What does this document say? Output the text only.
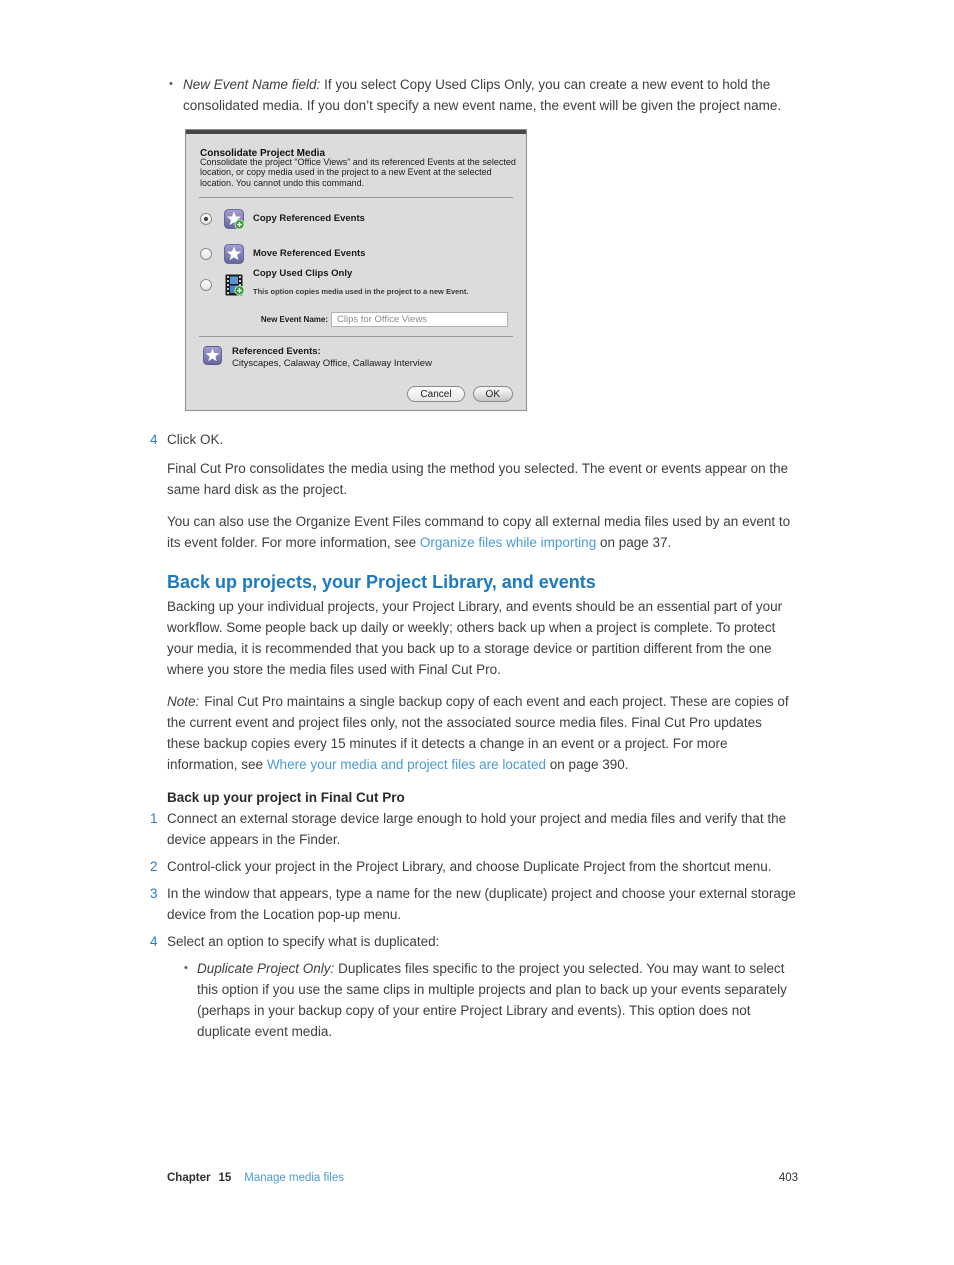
• New Event Name field: If you select Copy Used Clips Only, you can create a new event to hold the consolidated media. If you don’t specify a new event name, the event will be given the project name.
Consolidate Project Media
Consolidate the project “Office Views” and its referenced Events at the selected location, or copy media used in the project to a new Event at the selected location. You cannot undo this command.
Copy Referenced Events
Move Referenced Events
Copy Used Clips Only
This option copies media used in the project to a new Event.
New Event Name:
Clips for Office Views
Referenced Events:
Cityscapes, Calaway Office, Callaway Interview
Cancel	OK
4 Click OK.

Final Cut Pro consolidates the media using the method you selected. The event or events appear on the same hard disk as the project.

You can also use the Organize Event Files command to copy all external media files used by an event to its event folder. For more information, see Organize files while importing on page 37.

Back up projects, your Project Library, and events

Backing up your individual projects, your Project Library, and events should be an essential part of your workflow. Some people back up daily or weekly; others back up when a project is complete. To protect your media, it is recommended that you back up to a storage device or partition different from the one where you store the media files used with Final Cut Pro.

Note: Final Cut Pro maintains a single backup copy of each event and each project. These are copies of the current event and project files only, not the associated source media files. Final Cut Pro updates these backup copies every 15 minutes if it detects a change in an event or a project. For more information, see Where your media and project files are located on page 390.

Back up your project in Final Cut Pro
1 Connect an external storage device large enough to hold your project and media files and verify that the device appears in the Finder.
2 Control-click your project in the Project Library, and choose Duplicate Project from the shortcut menu.
3 In the window that appears, type a name for the new (duplicate) project and choose your external storage device from the Location pop-up menu.
4 Select an option to specify what is duplicated:
• Duplicate Project Only: Duplicates files specific to the project you selected. You may want to select this option if you use the same clips in multiple projects and plan to back up your events separately (perhaps in your backup copy of your entire Project Library and events). This option does not duplicate event media.
Chapter 15 Manage media files	403
